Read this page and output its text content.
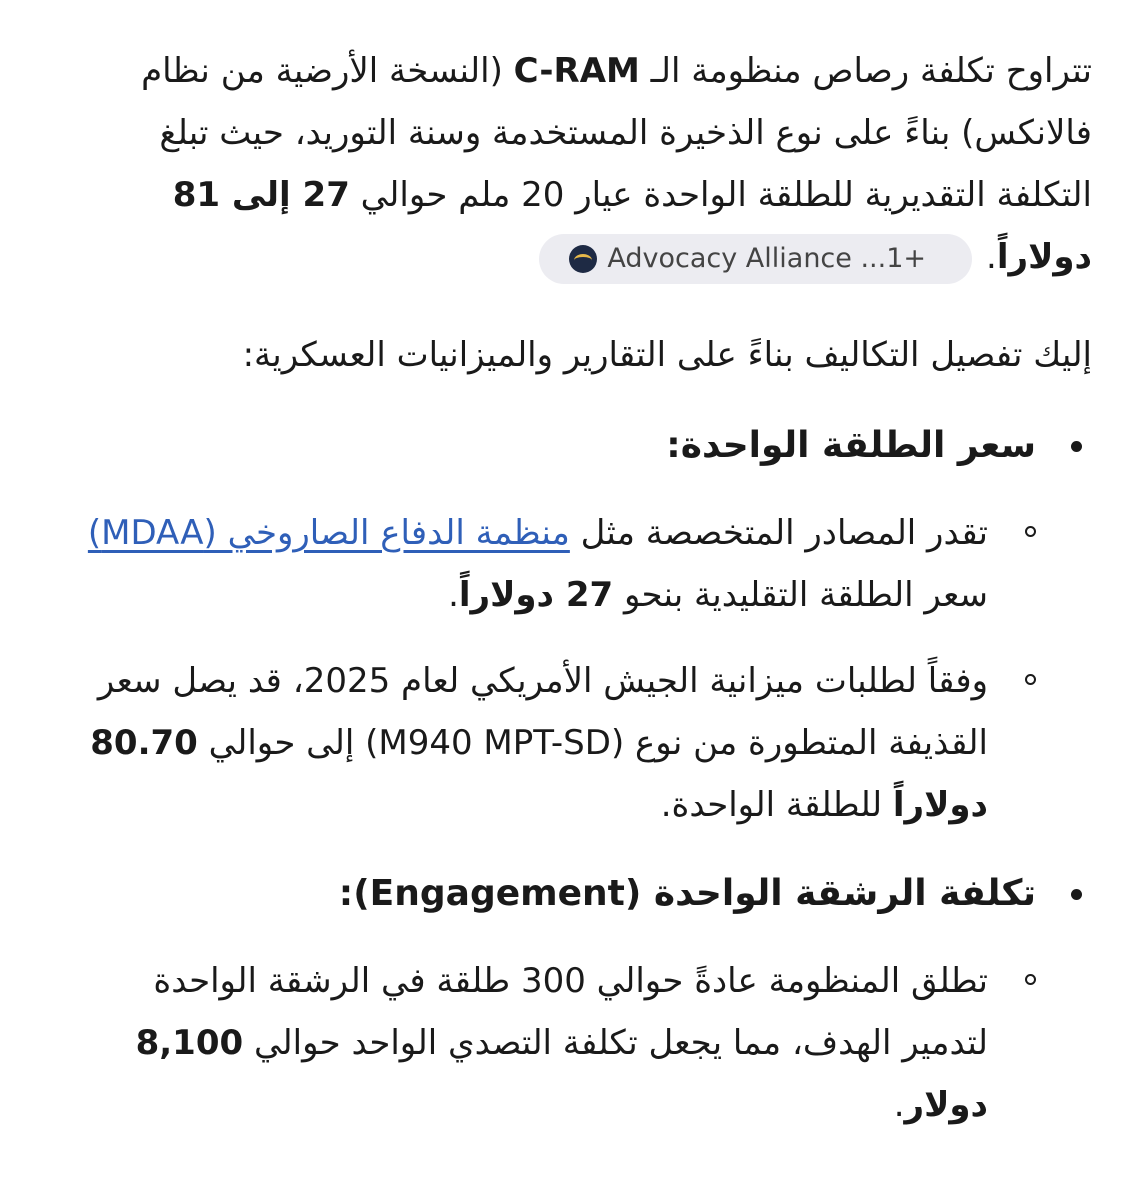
تتراوح تكلفة رصاص منظومة الـ C-RAM (النسخة الأرضية من نظام فالانكس) بناءً على نوع الذخيرة المستخدمة وسنة التوريد، حيث تبلغ التكلفة التقديرية للطلقة الواحدة عيار 20 ملم حوالي 27 إلى 81 دولاراً.
Advocacy Alliance ... 1+

إليك تفصيل التكاليف بناءً على التقارير والميزانيات العسكرية:

سعر الطلقة الواحدة:
تقدر المصادر المتخصصة مثل منظمة الدفاع الصاروخي (MDAA) سعر الطلقة التقليدية بنحو 27 دولاراً.
وفقاً لطلبات ميزانية الجيش الأمريكي لعام 2025، قد يصل سعر القذيفة المتطورة من نوع (M940 MPT-SD) إلى حوالي 80.70 دولاراً للطلقة الواحدة.
تكلفة الرشقة الواحدة (Engagement):
تطلق المنظومة عادةً حوالي 300 طلقة في الرشقة الواحدة لتدمير الهدف، مما يجعل تكلفة التصدي الواحد حوالي 8,100 دولار.
